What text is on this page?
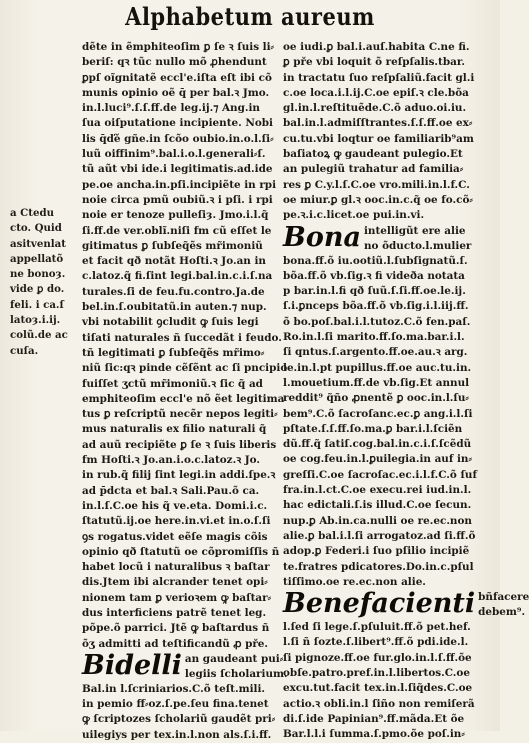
Alphabetum aureum
a Ctedu
cto. Quid
asitvenlat
appellatõ
ne bonoȝ.
vide ꝑ do.
feli. i ca.ſ
latoȝ.i.ij.
colũ.de ac
cuſa.
dẽte in ẽmphiteoſim ꝑ ſe ꝛ ſuis li⸗
beriſ: qꝛ tũc nullo mõ ꝓhendunt
ꝑpſ oĩgnitatẽ eccl'e.iſta eſt ibi cõ
munis opinio oẽ q̄ per bal.ꝛ Jmo.
in.l.luci⁹.ſ.ſ.ff.de leg.ij.⁊ Ang.in
ſua oiſputatione incipiente. Nobi
lis q̄ďě gñe.in ſcõo oubio.in.o.l.ſi⸗
luũ oiffinim⁹.bal.i.o.l.generali⸗ſ.
tũ aũt vbi ide.i legitimatis.ad.ide
pe.oe ancha.in.pſi.incipiẽte in rpi
noie circa pmũ oubiũ.ꝛ i pſi. i rpi
noie er tenoze pulleſiȝ. Jmo.i.l.q̃
ſi.ff.de ver.oblĩ.niſi fm cũ eſſet le
gitimatus ꝑ ſubſeq̃ẽs mr̃imoniũ
et facit qð notãt Hoſti.ꝛ Jo.an in
c.latoz.q̃ fi.ſint legi.bal.in.c.i.ſ.na
turales.ſi de feu.fu.contro.Ja.de
bel.in.ſ.oubitatũ.in auten.⁊ nup.
vbi notabilit ꝯcludit ꝙ ſuis legi
tiſati naturales ñ ſuccedãt i feudo.
tñ legitimati ꝑ ſubſeq̃ẽs mr̃imo⸗
niũ ſic:qꝛ pinde cẽſẽnt ac ſi pncipio
fuiſſet ʒctũ mr̃imoniũ.ꝛ ſic q̃ ad
emphiteoſim eccl'e nõ ẽet legitima
tus ꝑ reſcriptũ necẽr nepos legiti⸗
mus naturalis ex filio naturali q̃
ad auũ recipiẽte ꝑ ſe ꝛ ſuis liberis
fm Hoſti.ꝛ Jo.an.i.o.c.latoz.ꝛ Jo.
in rub.q̃ filij ſint legi.in addi.ſpe.ꝛ
ad p̄dcta et bal.ꝛ Sali.Pau.õ ca.
in.l.ſ.C.oe his q̃ ve.eta. Domi.i.c.
ſtatutũ.ij.oe here.in.vi.et in.o.ſ.ſi
ꝯs rogatus.videt eẽſe magis cõis
opinio qð ſtatutũ oe cõpromiſſis ñ
habet locũ i naturalibus ꝛ baſtar
dis.Jtem ibi alcrander tenet opi⸗
nionem tam ꝑ verioꝛem ꝙ baſtar⸗
dus interficiens patrẽ tenet leg.
põpe.õ parrici. Jtẽ ꝙ baſtardus ñ
õʒ admitti ad teſtificandũ ꝓ pře.
Bidelli an gaudeant pui⸗
legiis ſcholarium.
Bal.in l.ſcriniarios.C.õ teſt.mili.
in pemio ff⸗oz.ſ.pe.ſeu fina.tenet
ꝙ ſcriptozes ſcholariũ gaudẽt pri⸗
uilegiys per tex.in.l.non als.ſ.i.ff.
oe iudi.ꝑ bal.i.auſ.habita C.ne fi.
ꝑ pře vbi loquit õ reſpſalis.tbar.
in tractatu ſuo reſpſaliũ.facit gl.i
c.oe loca.i.l.ij.C.oe epiſ.ꝛ cle.bõa
gl.in.l.reſtituẽde.C.õ aduo.oi.iu.
bal.in.l.admiſſtrantes.ſ.ſ.ff.oe ex⸗
cu.tu.vbi loqtur oe familiarib⁹am
baſiatoꝝ ꝙ gaudeant pulegio.Et
an pulegiũ trahatur ad familia⸗
res ꝑ C.y.l.ſ.C.oe vro.mili.in.l.f.C.
oe miur.ꝑ gl.ꝛ ooc.in.c.q̃ oe fo.cõ⸗
pe.ꝛ.i.c.licet.oe pui.in.vi.
Bona intelligũt ere alie
no õducto.l.mulier
bona.ff.õ iu.ootiũ.l.ſubſignatũ.ſ.
bõa.ff.õ vb.ſig.ꝛ fi videða notata
p bar.in.l.fi qð ſuũ.ſ.ſi.ff.oe.le.ij.
ſ.i.ꝑnceps bõa.ff.õ vb.ſig.i.l.iij.ff.
õ bo.poſ.bal.i.l.tutoz.C.õ fen.paſ.
Ro.in.l.ſi marito.ff.ſo.ma.bar.i.l.
ſi qntus.ſ.argento.ff.oe.au.ꝛ arg.
le.in.l.pt pupillus.ff.oe auc.tu.in.
l.mouetium.ff.de vb.ſig.Et annul
reddit⁹ q̃ño ꝓnentẽ ꝑ ooc.in.l.ſu⸗
bem⁹.C.õ ſacroſanc.ec.ꝑ ang.i.l.ſi
pſtate.ſ.ſ.ff.ſo.ma.ꝑ bar.i.l.ſciẽn
dũ.ff.q̃ ſatiſ.cog.bal.in.c.i.ſ.ſcẽdũ
oe cog.feu.in.l.ꝑuilegia.in auf in⸗
greſſi.C.oe ſacroſac.ec.i.l.f.C.õ ſuf
fra.in.l.ct.C.oe execu.rei iud.in.l.
hac edictali.ſ.is illud.C.oe ſecun.
nup.ꝑ Ab.in.ca.nulli oe re.ec.non
alie.ꝑ bal.i.l.ſi arrogatoz.ad ſi.ff.õ
adop.ꝑ Federi.i ſuo pſilio incipiẽ
te.fratres pdicatores.Do.in.c.pſul
tiſſimo.oe re.ec.non alie.
Benefacienti bñfacere
debem⁹.
l.ſed ſi lege.ſ.pſuluit.ff.õ pet.hef.
l.ſi ñ ſozte.ſ.libert⁹.ff.õ pdi.ide.l.
ſi pignoze.ff.oe fur.glo.in.l.ſ.ff.õe
obſe.patro.pref.in.l.libertos.C.oe
excu.tut.facit tex.in.l.ſiq̃des.C.oe
actio.ꝛ obli.in.l ſiño non remiſerã
di.ſ.ide Papinian⁹.ff.mãda.Et õe
Bar.l.l.i ſumma.ſ.pmo.õe poſ.in⸗
